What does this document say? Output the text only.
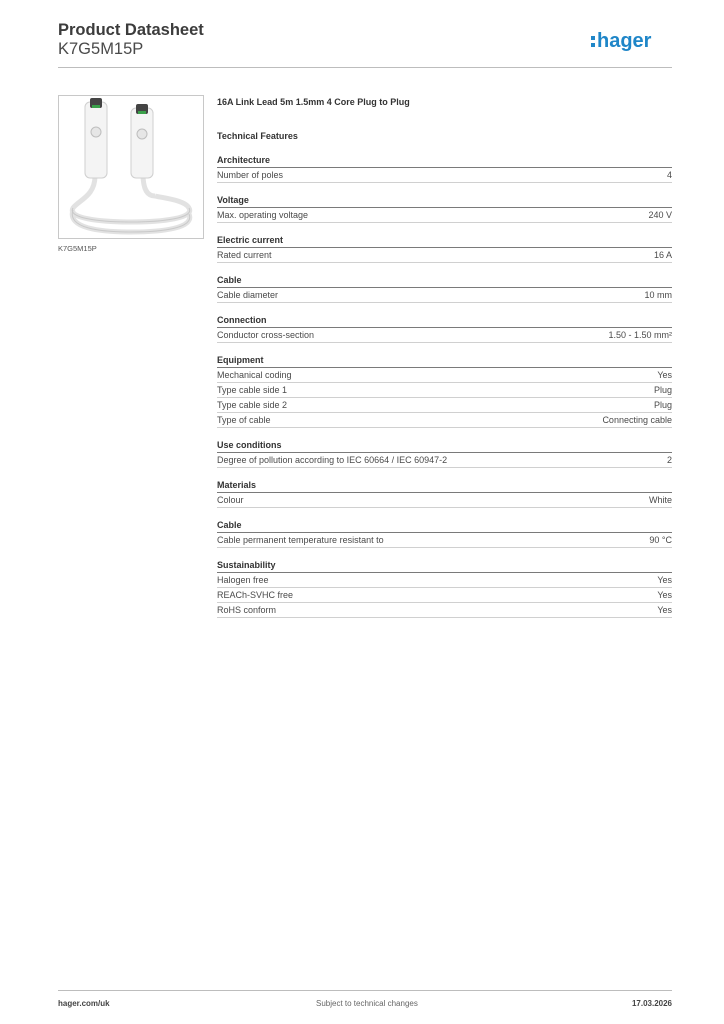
Product Datasheet
K7G5M15P	hager
K7G5M15P
16A Link Lead 5m 1.5mm 4 Core Plug to Plug
Technical Features
Architecture
Number of poles	4
Voltage
Max. operating voltage	240 V
Electric current
Rated current	16 A
Cable
Cable diameter	10 mm
Connection
Conductor cross-section	1.50 - 1.50 mm²
Equipment
Mechanical coding	Yes
Type cable side 1	Plug
Type cable side 2	Plug
Type of cable	Connecting cable
Use conditions
Degree of pollution according to IEC 60664 / IEC 60947-2	2
Materials
Colour	White
Cable
Cable permanent temperature resistant to	90 °C
Sustainability
Halogen free	Yes
REACh-SVHC free	Yes
RoHS conform	Yes
hager.com/uk	Subject to technical changes	17.03.2026
